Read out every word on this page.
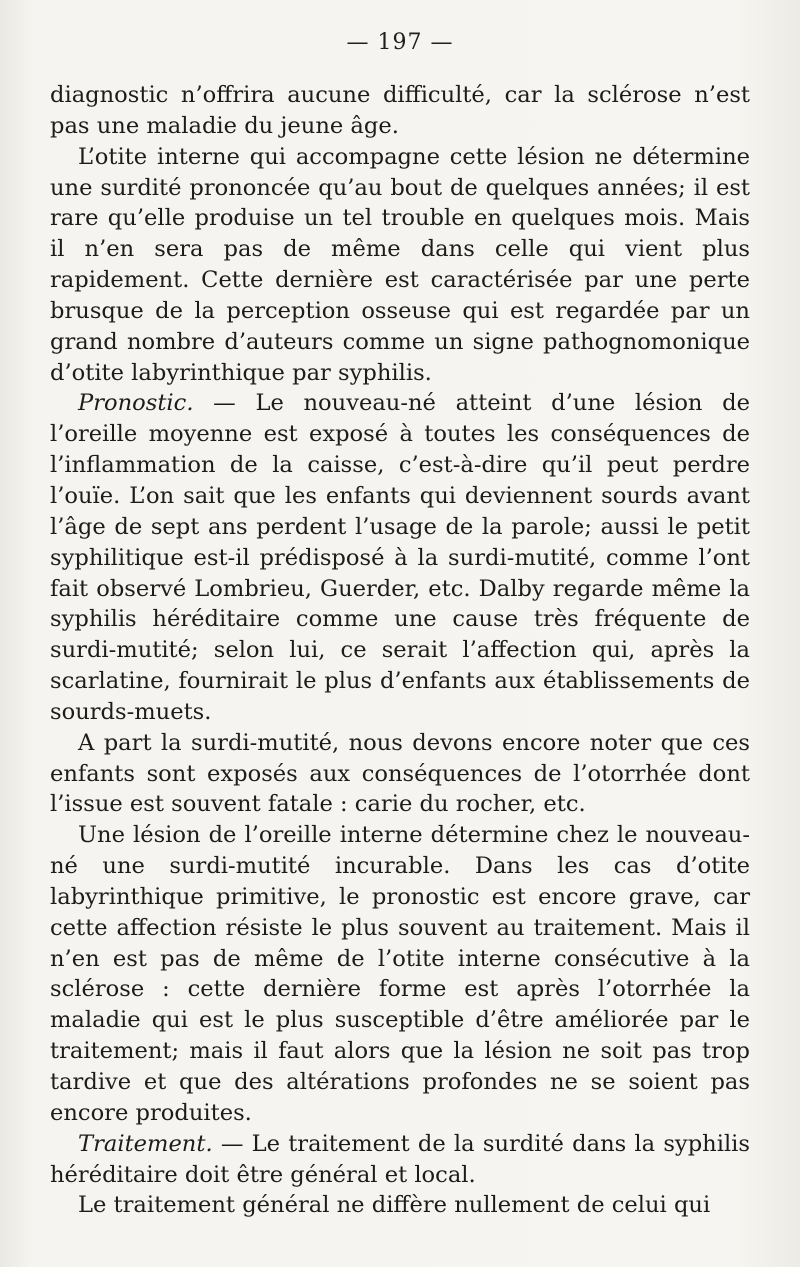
— 197 —

diagnostic n’offrira aucune difficulté, car la sclérose n’est pas une maladie du jeune âge.

L’otite interne qui accompagne cette lésion ne détermine une surdité prononcée qu’au bout de quelques années; il est rare qu’elle produise un tel trouble en quelques mois. Mais il n’en sera pas de même dans celle qui vient plus rapidement. Cette dernière est caractérisée par une perte brusque de la perception osseuse qui est regardée par un grand nombre d’auteurs comme un signe pathognomonique d’otite labyrinthique par syphilis.

Pronostic. — Le nouveau-né atteint d’une lésion de l’oreille moyenne est exposé à toutes les conséquences de l’inflammation de la caisse, c’est-à-dire qu’il peut perdre l’ouïe. L’on sait que les enfants qui deviennent sourds avant l’âge de sept ans perdent l’usage de la parole; aussi le petit syphilitique est-il prédisposé à la surdi-mutité, comme l’ont fait observé Lombrieu, Guerder, etc. Dalby regarde même la syphilis héréditaire comme une cause très fréquente de surdi-mutité; selon lui, ce serait l’affection qui, après la scarlatine, fournirait le plus d’enfants aux établissements de sourds-muets.

A part la surdi-mutité, nous devons encore noter que ces enfants sont exposés aux conséquences de l’otorrhée dont l’issue est souvent fatale : carie du rocher, etc.

Une lésion de l’oreille interne détermine chez le nouveau-né une surdi-mutité incurable. Dans les cas d’otite labyrinthique primitive, le pronostic est encore grave, car cette affection résiste le plus souvent au traitement. Mais il n’en est pas de même de l’otite interne consécutive à la sclérose : cette dernière forme est après l’otorrhée la maladie qui est le plus susceptible d’être améliorée par le traitement; mais il faut alors que la lésion ne soit pas trop tardive et que des altérations profondes ne se soient pas encore produites.

Traitement. — Le traitement de la surdité dans la syphilis héréditaire doit être général et local.

Le traitement général ne diffère nullement de celui qui
